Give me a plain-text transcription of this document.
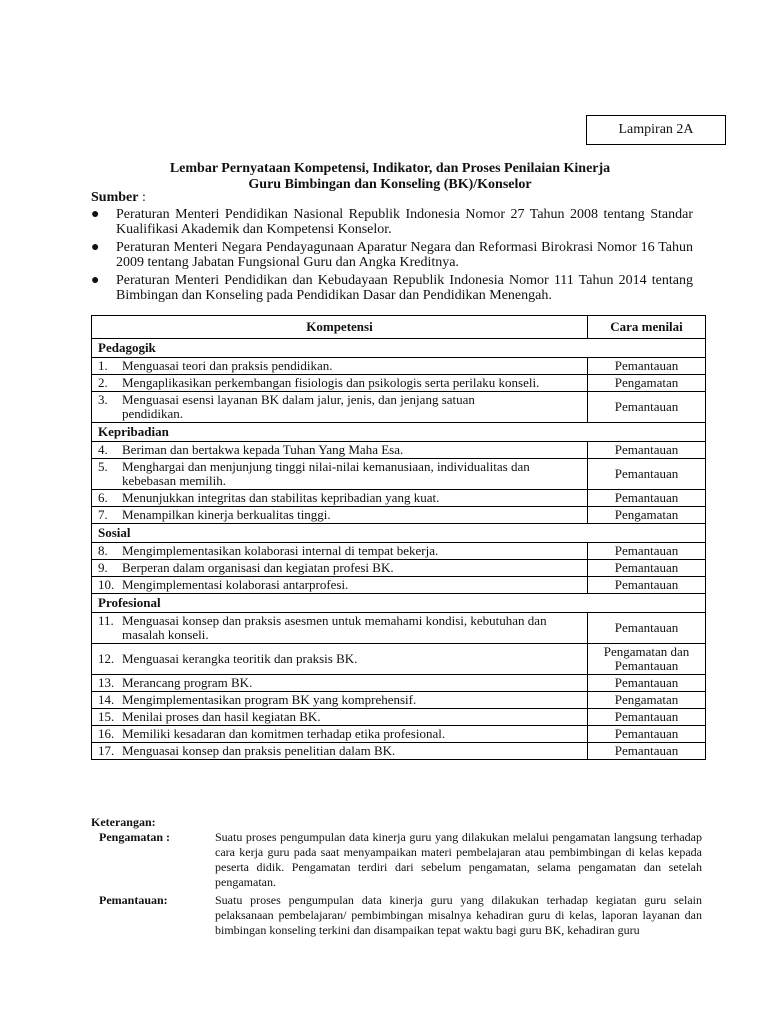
Lampiran 2A
Lembar Pernyataan Kompetensi, Indikator, dan Proses Penilaian Kinerja
Guru Bimbingan dan Konseling (BK)/Konselor
Sumber :
● Peraturan Menteri Pendidikan Nasional Republik Indonesia Nomor 27 Tahun 2008 tentang Standar Kualifikasi Akademik dan Kompetensi Konselor.
● Peraturan Menteri Negara Pendayagunaan Aparatur Negara dan Reformasi Birokrasi Nomor 16 Tahun 2009 tentang Jabatan Fungsional Guru dan Angka Kreditnya.
● Peraturan Menteri Pendidikan dan Kebudayaan Republik Indonesia Nomor 111 Tahun 2014 tentang Bimbingan dan Konseling pada Pendidikan Dasar dan Pendidikan Menengah.
Kompetensi		Cara menilai
Pedagogik		
1.	Menguasai teori dan praksis pendidikan.	Pemantauan
2.	Mengaplikasikan perkembangan fisiologis dan psikologis serta perilaku konseli.	Pengamatan
3.	Menguasai esensi layanan BK dalam jalur, jenis, dan jenjang satuan pendidikan.	Pemantauan
Kepribadian		
4.	Beriman dan bertakwa kepada Tuhan Yang Maha Esa.	Pemantauan
5.	Menghargai dan menjunjung tinggi nilai-nilai kemanusiaan, individualitas dan kebebasan memilih.	Pemantauan
6.	Menunjukkan integritas dan stabilitas kepribadian yang kuat.	Pemantauan
7.	Menampilkan kinerja berkualitas tinggi.	Pengamatan
Sosial		
8.	Mengimplementasikan kolaborasi internal di tempat bekerja.	Pemantauan
9.	Berperan dalam organisasi dan kegiatan profesi BK.	Pemantauan
10.	Mengimplementasi kolaborasi antarprofesi.	Pemantauan
Profesional		
11.	Menguasai konsep dan praksis asesmen untuk memahami kondisi, kebutuhan dan masalah konseli.	Pemantauan
12.	Menguasai kerangka teoritik dan praksis BK.	Pengamatan dan Pemantauan
13.	Merancang program BK.	Pemantauan
14.	Mengimplementasikan program BK yang komprehensif.	Pengamatan
15.	Menilai proses dan hasil kegiatan BK.	Pemantauan
16.	Memiliki kesadaran dan komitmen terhadap etika profesional.	Pemantauan
17.	Menguasai konsep dan praksis penelitian dalam BK.	Pemantauan
Keterangan:
Pengamatan :	Suatu proses pengumpulan data kinerja guru yang dilakukan melalui pengamatan langsung terhadap cara kerja guru pada saat menyampaikan materi pembelajaran atau pembimbingan di kelas kepada peserta didik. Pengamatan terdiri dari sebelum pengamatan, selama pengamatan dan setelah pengamatan.
Pemantauan:	Suatu proses pengumpulan data kinerja guru yang dilakukan terhadap kegiatan guru selain pelaksanaan pembelajaran/ pembimbingan misalnya kehadiran guru di kelas, laporan layanan dan bimbingan konseling terkini dan disampaikan tepat waktu bagi guru BK, kehadiran guru
